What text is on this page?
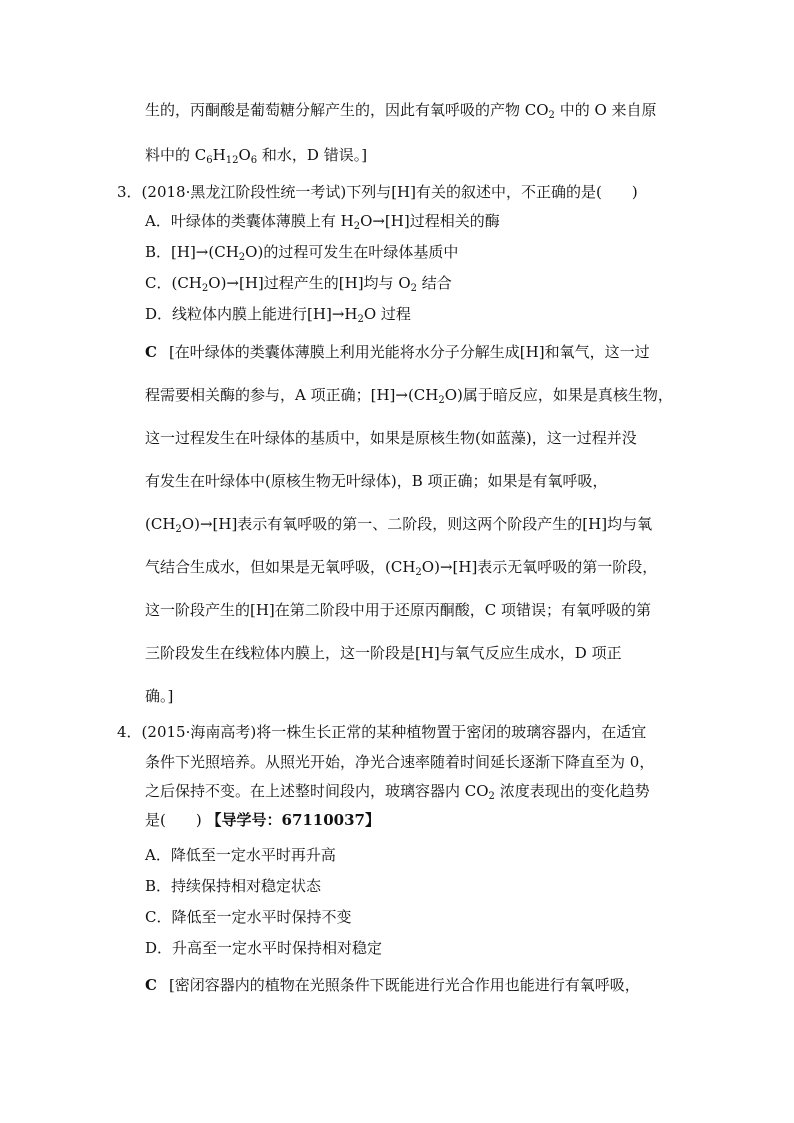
生的，丙酮酸是葡萄糖分解产生的，因此有氧呼吸的产物 $CO_2$ 中的 O 来自原
料中的 $C_6H_{12}O_6$ 和水，D 错误。]
3．(2018·黑龙江阶段性统一考试)下列与[H]有关的叙述中，不正确的是(　　)
A．叶绿体的类囊体薄膜上有 $H_2O\to[H]$过程相关的酶
B．$[H]\to(CH_2O)$的过程可发生在叶绿体基质中
C．$(CH_2O)\to[H]$过程产生的[H]均与 $O_2$ 结合
D．线粒体内膜上能进行$[H]\to H_2O$ 过程
C [在叶绿体的类囊体薄膜上利用光能将水分子分解生成[H]和氧气，这一过
程需要相关酶的参与，A 项正确；$[H]\to(CH_2O)$属于暗反应，如果是真核生物，
这一过程发生在叶绿体的基质中，如果是原核生物(如蓝藻)，这一过程并没
有发生在叶绿体中(原核生物无叶绿体)，B 项正确；如果是有氧呼吸，
$(CH_2O)\to[H]$表示有氧呼吸的第一、二阶段，则这两个阶段产生的[H]均与氧
气结合生成水，但如果是无氧呼吸，$(CH_2O)\to[H]$表示无氧呼吸的第一阶段，
这一阶段产生的[H]在第二阶段中用于还原丙酮酸，C 项错误；有氧呼吸的第
三阶段发生在线粒体内膜上，这一阶段是[H]与氧气反应生成水，D 项正
确。]
4．(2015·海南高考)将一株生长正常的某种植物置于密闭的玻璃容器内，在适宜
条件下光照培养。从照光开始，净光合速率随着时间延长逐渐下降直至为 0，
之后保持不变。在上述整时间段内，玻璃容器内 $CO_2$ 浓度表现出的变化趋势
是(　　) 【导学号：67110037】
A．降低至一定水平时再升高
B．持续保持相对稳定状态
C．降低至一定水平时保持不变
D．升高至一定水平时保持相对稳定
C [密闭容器内的植物在光照条件下既能进行光合作用也能进行有氧呼吸，
